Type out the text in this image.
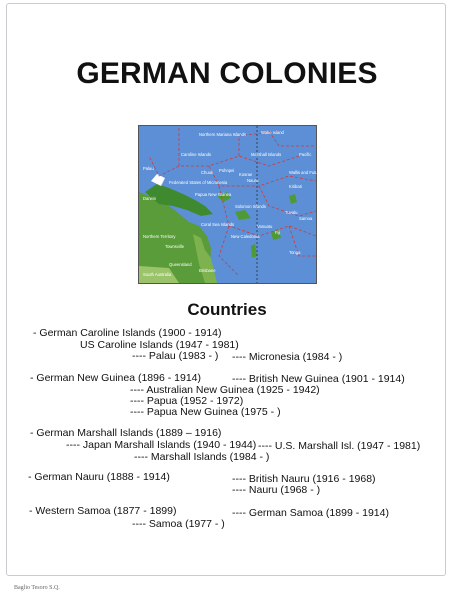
GERMAN COLONIES
Northern Mariana Islands	Wake Island
Caroline Islands
Palau
Marshall Islands	Pacific
Chuuk Pohnpei
Kosrae
Nauru
Federated States of Micronesia
Wallis and Futuna
Kiribati
Papua New Guinea
Solomon Islands
Tuvalu
Coral Sea Islands	Vanuatu
New Caledonia
Fiji
Tonga
Samoa
Darwin
Northern Territory
Townsville
Queensland
South Australia
Brisbane
Countries
- German Caroline Islands (1900 - 1914)
US Caroline Islands (1947 - 1981)
---- Palau (1983 - ) ---- Micronesia (1984 - )
- German New Guinea (1896 - 1914)	---- British New Guinea (1901 - 1914)
---- Australian New Guinea (1925 - 1942)
---- Papua (1952 - 1972)
---- Papua New Guinea (1975 - )
- German Marshall Islands (1889 – 1916)
---- Japan Marshall Islands (1940 - 1944) ---- U.S. Marshall Isl. (1947 - 1981)
---- Marshall Islands (1984 - )
- German Nauru (1888 - 1914)	---- British Nauru (1916 - 1968)
---- Nauru (1968 - )
- Western Samoa (1877 - 1899)	---- German Samoa (1899 - 1914)
---- Samoa (1977 - )
Baglio Tesoro S.Q.
